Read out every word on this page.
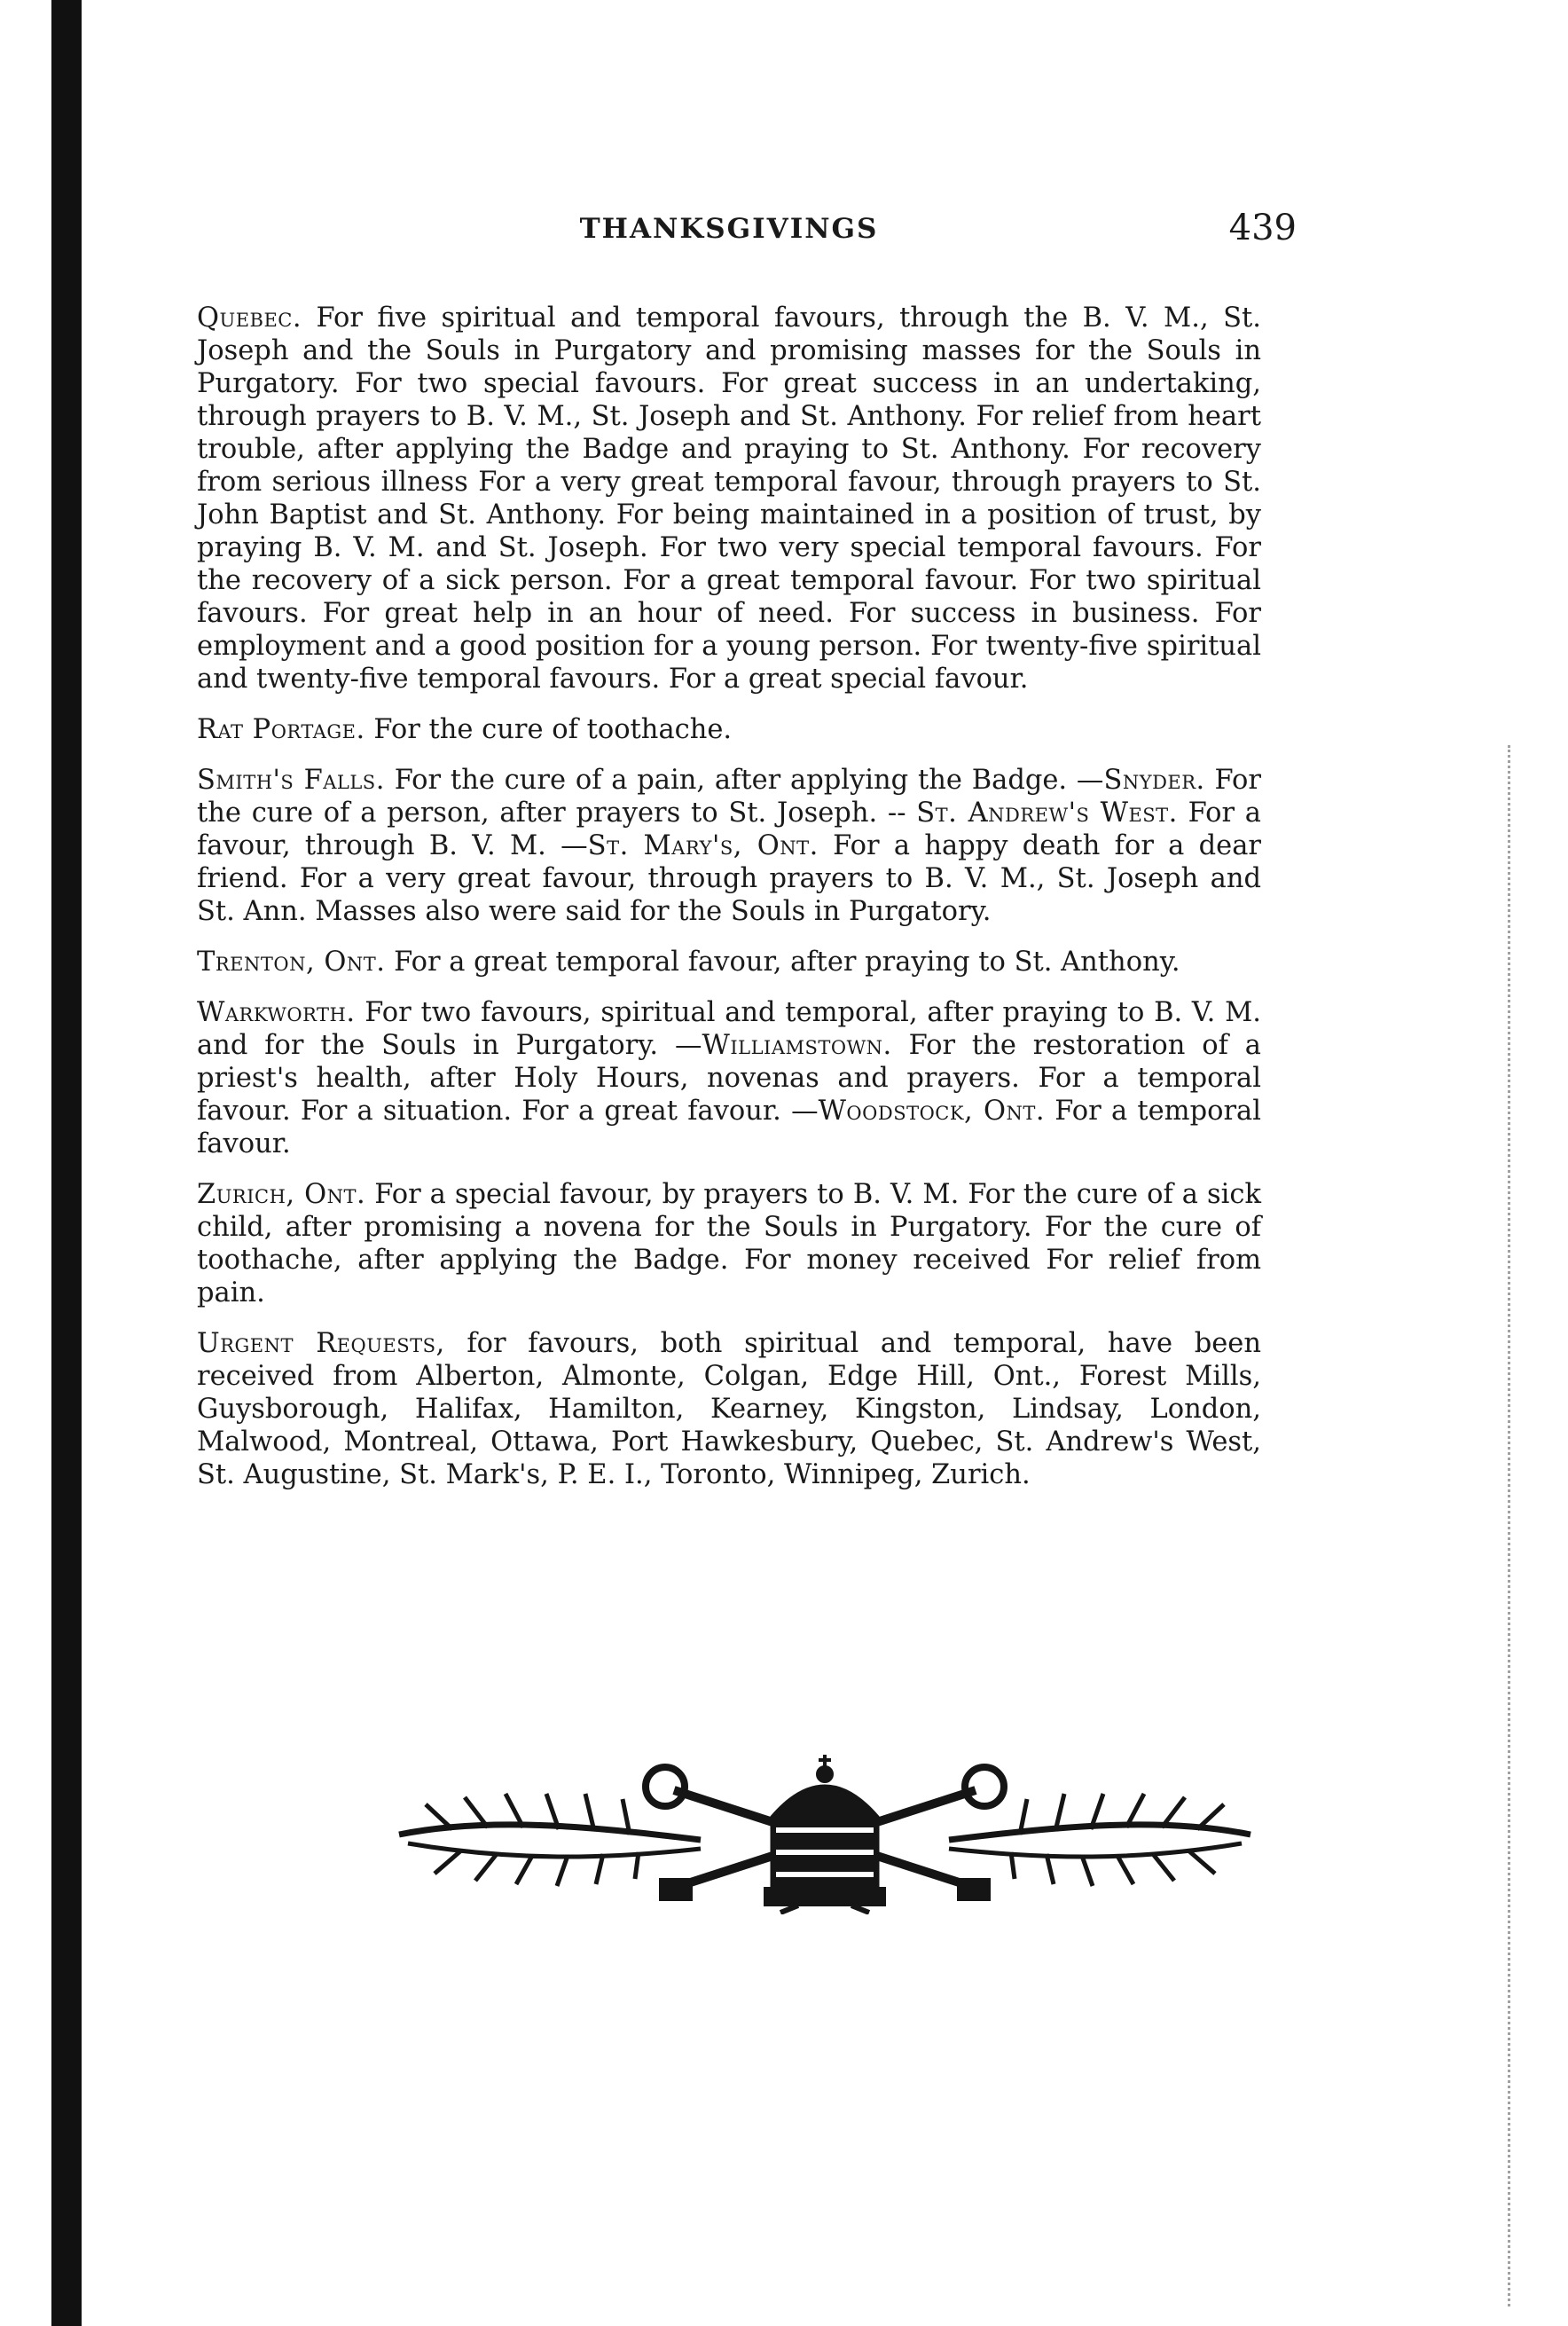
THANKSGIVINGS	439

Quebec. For five spiritual and temporal favours, through the B. V. M., St. Joseph and the Souls in Purgatory and promising masses for the Souls in Purgatory. For two special favours. For great success in an undertaking, through prayers to B. V. M., St. Joseph and St. Anthony. For relief from heart trouble, after applying the Badge and praying to St. Anthony. For recovery from serious illness For a very great temporal favour, through prayers to St. John Baptist and St. Anthony. For being maintained in a position of trust, by praying B. V. M. and St. Joseph. For two very special temporal favours. For the recovery of a sick person. For a great temporal favour. For two spiritual favours. For great help in an hour of need. For success in business. For employment and a good position for a young person. For twenty-five spiritual and twenty-five temporal favours. For a great special favour.

Rat Portage. For the cure of toothache.

Smith's Falls. For the cure of a pain, after applying the Badge. —Snyder. For the cure of a person, after prayers to St. Joseph. -- St. Andrew's West. For a favour, through B. V. M. —St. Mary's, Ont. For a happy death for a dear friend. For a very great favour, through prayers to B. V. M., St. Joseph and St. Ann. Masses also were said for the Souls in Purgatory.

Trenton, Ont. For a great temporal favour, after praying to St. Anthony.

Warkworth. For two favours, spiritual and temporal, after praying to B. V. M. and for the Souls in Purgatory. —Williamstown. For the restoration of a priest's health, after Holy Hours, novenas and prayers. For a temporal favour. For a situation. For a great favour. —Woodstock, Ont. For a temporal favour.

Zurich, Ont. For a special favour, by prayers to B. V. M. For the cure of a sick child, after promising a novena for the Souls in Purgatory. For the cure of toothache, after applying the Badge. For money received For relief from pain.

Urgent Requests, for favours, both spiritual and temporal, have been received from Alberton, Almonte, Colgan, Edge Hill, Ont., Forest Mills, Guysborough, Halifax, Hamilton, Kearney, Kingston, Lindsay, London, Malwood, Montreal, Ottawa, Port Hawkesbury, Quebec, St. Andrew's West, St. Augustine, St. Mark's, P. E. I., Toronto, Winnipeg, Zurich.
